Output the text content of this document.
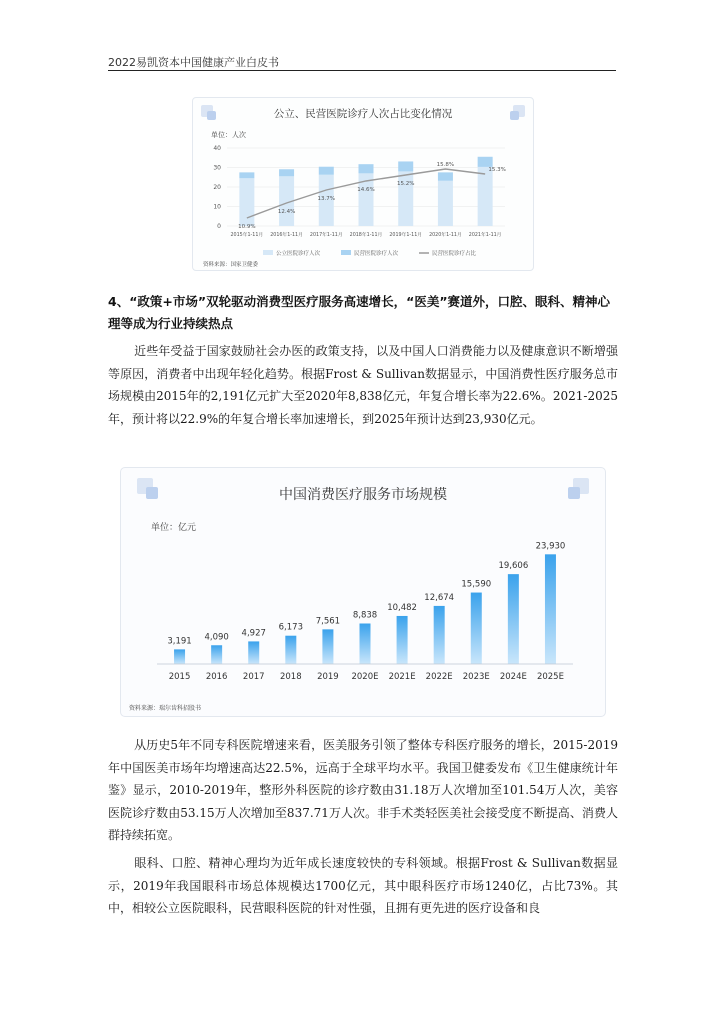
2022易凯资本中国健康产业白皮书
公立、民营医院诊疗人次占比变化情况
单位：人次
0
10
20
30
40
2015年1-11月 2016年1-11月 2017年1-11月 2018年1-11月 2019年1-11月 2020年1-11月 2021年1-11月
10.9%
12.4%
13.7%
14.6%
15.2%
15.8%
15.3%
公立医院诊疗人次	民营医院诊疗人次	民营医院诊疗占比
资料来源：国家卫健委
4、“政策+市场”双轮驱动消费型医疗服务高速增长，“医美”赛道外，口腔、眼科、精神心理等成为行业持续热点

近些年受益于国家鼓励社会办医的政策支持，以及中国人口消费能力以及健康意识不断增强等原因，消费者中出现年轻化趋势。根据Frost & Sullivan数据显示，中国消费性医疗服务总市场规模由2015年的2,191亿元扩大至2020年8,838亿元，年复合增长率为22.6%。2021-2025年，预计将以22.9%的年复合增长率加速增长，到2025年预计达到23,930亿元。

中国消费医疗服务市场规模
单位：亿元
3,191
2015
4,090
2016
4,927
2017
6,173
2018
7,561
2019
8,838
2020E
10,482
2021E
12,674
2022E
15,590
2023E
19,606
2024E
23,930
2025E
资料来源：瑞尔齿科招股书

从历史5年不同专科医院增速来看，医美服务引领了整体专科医疗服务的增长，2015-2019年中国医美市场年均增速高达22.5%，远高于全球平均水平。我国卫健委发布《卫生健康统计年鉴》显示，2010-2019年，整形外科医院的诊疗数由31.18万人次增加至101.54万人次，美容医院诊疗数由53.15万人次增加至837.71万人次。非手术类轻医美社会接受度不断提高、消费人群持续拓宽。

眼科、口腔、精神心理均为近年成长速度较快的专科领域。根据Frost & Sullivan数据显示，2019年我国眼科市场总体规模达1700亿元，其中眼科医疗市场1240亿，占比73%。其中，相较公立医院眼科，民营眼科医院的针对性强，且拥有更先进的医疗设备和良
